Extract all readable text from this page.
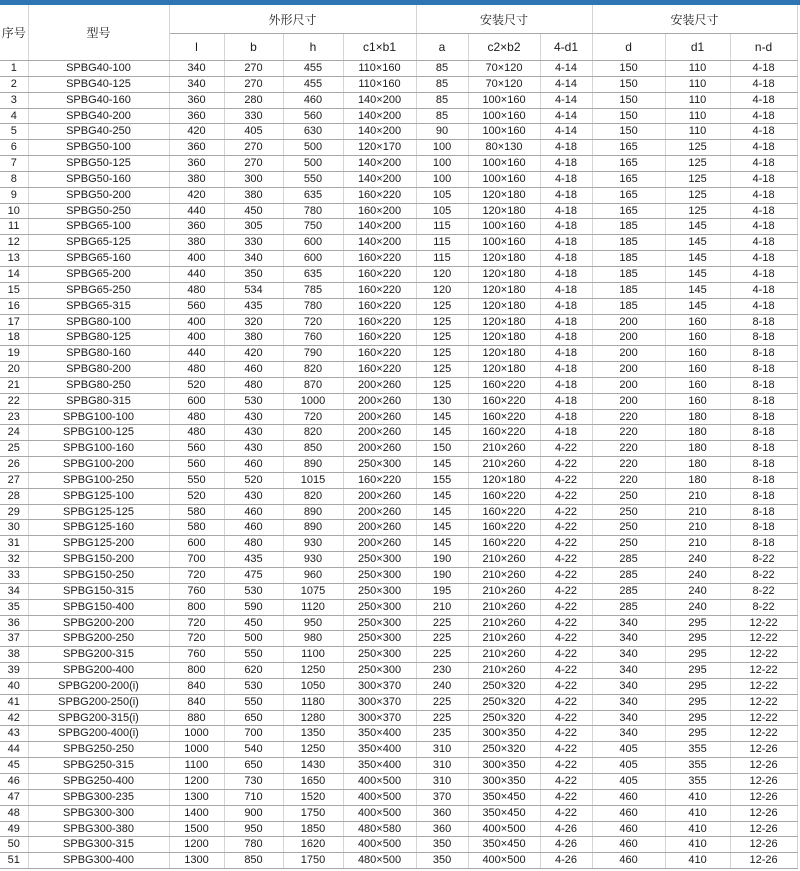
序号	型号	外形尺寸				安装尺寸			安装尺寸		
		l	b	h	c1×b1	a	c2×b2	4-d1	d	d1	n-d
1	SPBG40-100	340	270	455	110×160	85	70×120	4-14	150	110	4-18
2	SPBG40-125	340	270	455	110×160	85	70×120	4-14	150	110	4-18
3	SPBG40-160	360	280	460	140×200	85	100×160	4-14	150	110	4-18
4	SPBG40-200	360	330	560	140×200	85	100×160	4-14	150	110	4-18
5	SPBG40-250	420	405	630	140×200	90	100×160	4-14	150	110	4-18
6	SPBG50-100	360	270	500	120×170	100	80×130	4-18	165	125	4-18
7	SPBG50-125	360	270	500	140×200	100	100×160	4-18	165	125	4-18
8	SPBG50-160	380	300	550	140×200	100	100×160	4-18	165	125	4-18
9	SPBG50-200	420	380	635	160×220	105	120×180	4-18	165	125	4-18
10	SPBG50-250	440	450	780	160×200	105	120×180	4-18	165	125	4-18
11	SPBG65-100	360	305	750	140×200	115	100×160	4-18	185	145	4-18
12	SPBG65-125	380	330	600	140×200	115	100×160	4-18	185	145	4-18
13	SPBG65-160	400	340	600	160×220	115	120×180	4-18	185	145	4-18
14	SPBG65-200	440	350	635	160×220	120	120×180	4-18	185	145	4-18
15	SPBG65-250	480	534	785	160×220	120	120×180	4-18	185	145	4-18
16	SPBG65-315	560	435	780	160×220	125	120×180	4-18	185	145	4-18
17	SPBG80-100	400	320	720	160×220	125	120×180	4-18	200	160	8-18
18	SPBG80-125	400	380	760	160×220	125	120×180	4-18	200	160	8-18
19	SPBG80-160	440	420	790	160×220	125	120×180	4-18	200	160	8-18
20	SPBG80-200	480	460	820	160×220	125	120×180	4-18	200	160	8-18
21	SPBG80-250	520	480	870	200×260	125	160×220	4-18	200	160	8-18
22	SPBG80-315	600	530	1000	200×260	130	160×220	4-18	200	160	8-18
23	SPBG100-100	480	430	720	200×260	145	160×220	4-18	220	180	8-18
24	SPBG100-125	480	430	820	200×260	145	160×220	4-18	220	180	8-18
25	SPBG100-160	560	430	850	200×260	150	210×260	4-22	220	180	8-18
26	SPBG100-200	560	460	890	250×300	145	210×260	4-22	220	180	8-18
27	SPBG100-250	550	520	1015	160×220	155	120×180	4-22	220	180	8-18
28	SPBG125-100	520	430	820	200×260	145	160×220	4-22	250	210	8-18
29	SPBG125-125	580	460	890	200×260	145	160×220	4-22	250	210	8-18
30	SPBG125-160	580	460	890	200×260	145	160×220	4-22	250	210	8-18
31	SPBG125-200	600	480	930	200×260	145	160×220	4-22	250	210	8-18
32	SPBG150-200	700	435	930	250×300	190	210×260	4-22	285	240	8-22
33	SPBG150-250	720	475	960	250×300	190	210×260	4-22	285	240	8-22
34	SPBG150-315	760	530	1075	250×300	195	210×260	4-22	285	240	8-22
35	SPBG150-400	800	590	1120	250×300	210	210×260	4-22	285	240	8-22
36	SPBG200-200	720	450	950	250×300	225	210×260	4-22	340	295	12-22
37	SPBG200-250	720	500	980	250×300	225	210×260	4-22	340	295	12-22
38	SPBG200-315	760	550	1100	250×300	225	210×260	4-22	340	295	12-22
39	SPBG200-400	800	620	1250	250×300	230	210×260	4-22	340	295	12-22
40	SPBG200-200(i)	840	530	1050	300×370	240	250×320	4-22	340	295	12-22
41	SPBG200-250(i)	840	550	1180	300×370	225	250×320	4-22	340	295	12-22
42	SPBG200-315(i)	880	650	1280	300×370	225	250×320	4-22	340	295	12-22
43	SPBG200-400(i)	1000	700	1350	350×400	235	300×350	4-22	340	295	12-22
44	SPBG250-250	1000	540	1250	350×400	310	250×320	4-22	405	355	12-26
45	SPBG250-315	1100	650	1430	350×400	310	300×350	4-22	405	355	12-26
46	SPBG250-400	1200	730	1650	400×500	310	300×350	4-22	405	355	12-26
47	SPBG300-235	1300	710	1520	400×500	370	350×450	4-22	460	410	12-26
48	SPBG300-300	1400	900	1750	400×500	360	350×450	4-22	460	410	12-26
49	SPBG300-380	1500	950	1850	480×580	360	400×500	4-26	460	410	12-26
50	SPBG300-315	1200	780	1620	400×500	350	350×450	4-26	460	410	12-26
51	SPBG300-400	1300	850	1750	480×500	350	400×500	4-26	460	410	12-26
